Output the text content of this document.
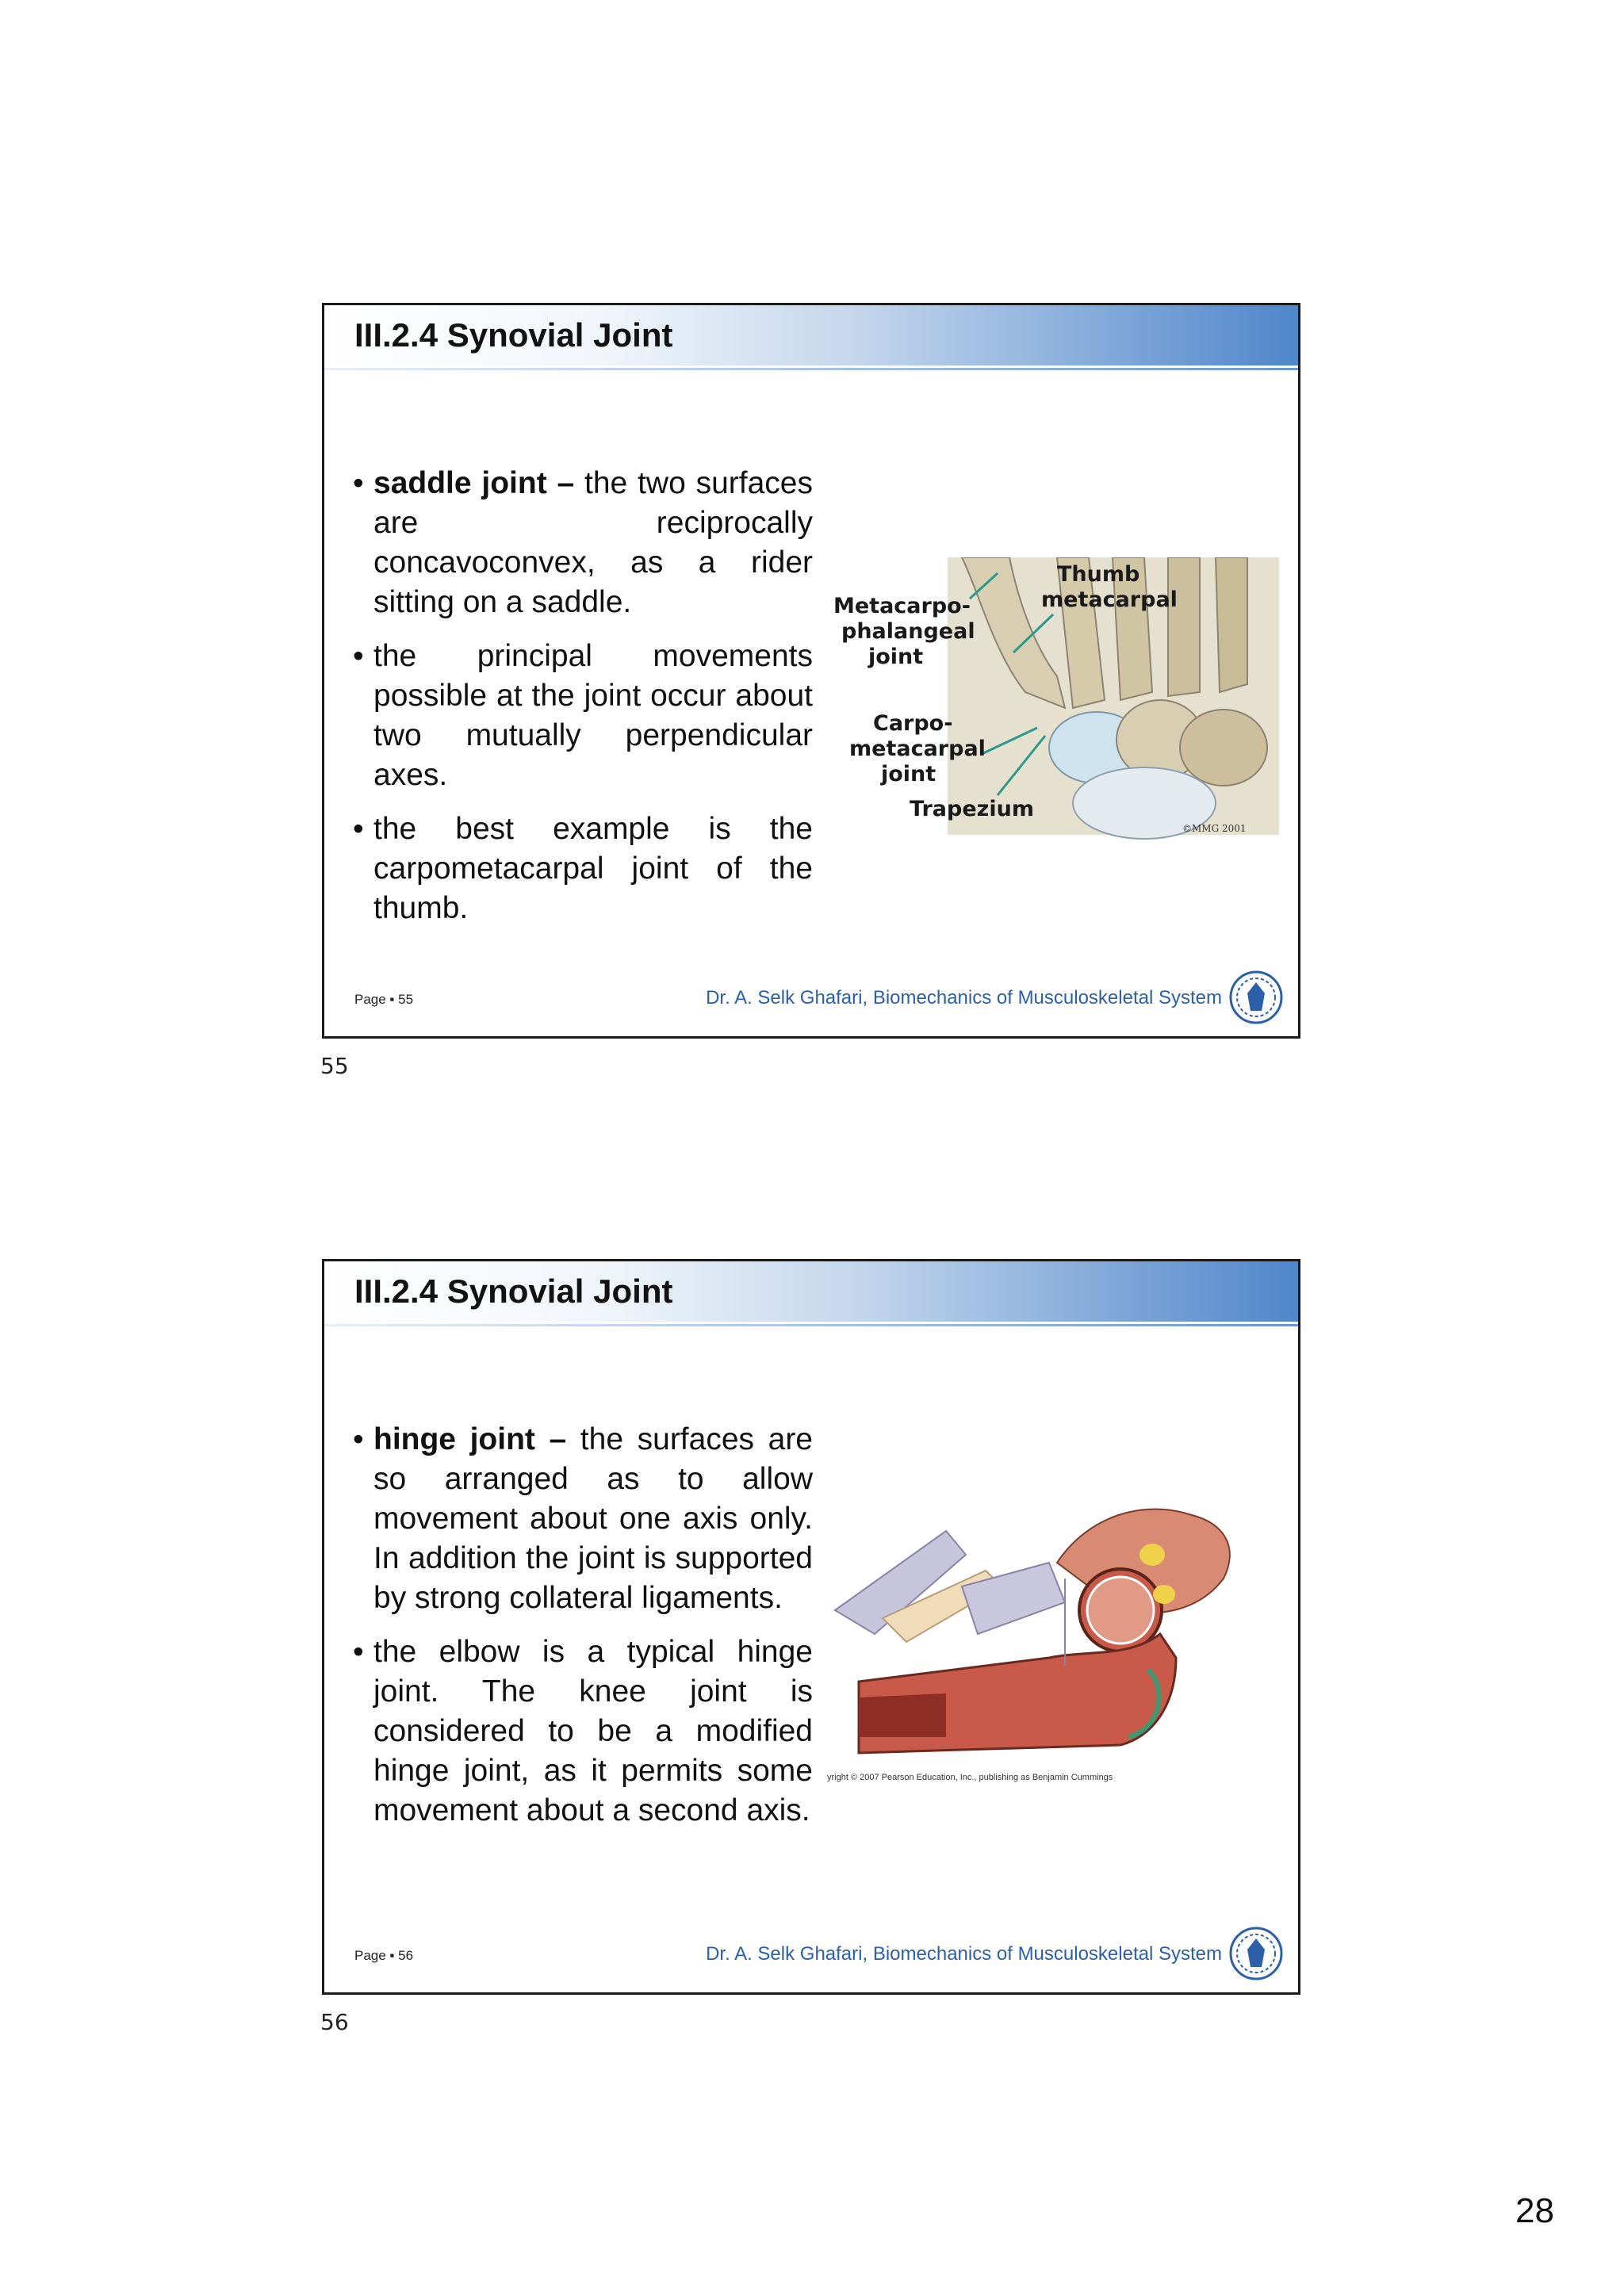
III.2.4 Synovial Joint
• saddle joint – the two surfaces are reciprocally concavoconvex, as a rider sitting on a saddle.
• the principal movements possible at the joint occur about two mutually perpendicular axes.
• the best example is the carpometacarpal joint of the thumb.
Thumb
metacarpal
Metacarpo-
phalangeal
joint
Carpo-
metacarpal
joint
Trapezium
©MMG 2001
Page ▪ 55	Dr. A. Selk Ghafari, Biomechanics of Musculoskeletal System
55
III.2.4 Synovial Joint
• hinge joint – the surfaces are so arranged as to allow movement about one axis only. In addition the joint is supported by strong collateral ligaments.
• the elbow is a typical hinge joint. The knee joint is considered to be a modified hinge joint, as it permits some movement about a second axis.
yright © 2007 Pearson Education, Inc., publishing as Benjamin Cummings
Page ▪ 56	Dr. A. Selk Ghafari, Biomechanics of Musculoskeletal System
56
28
